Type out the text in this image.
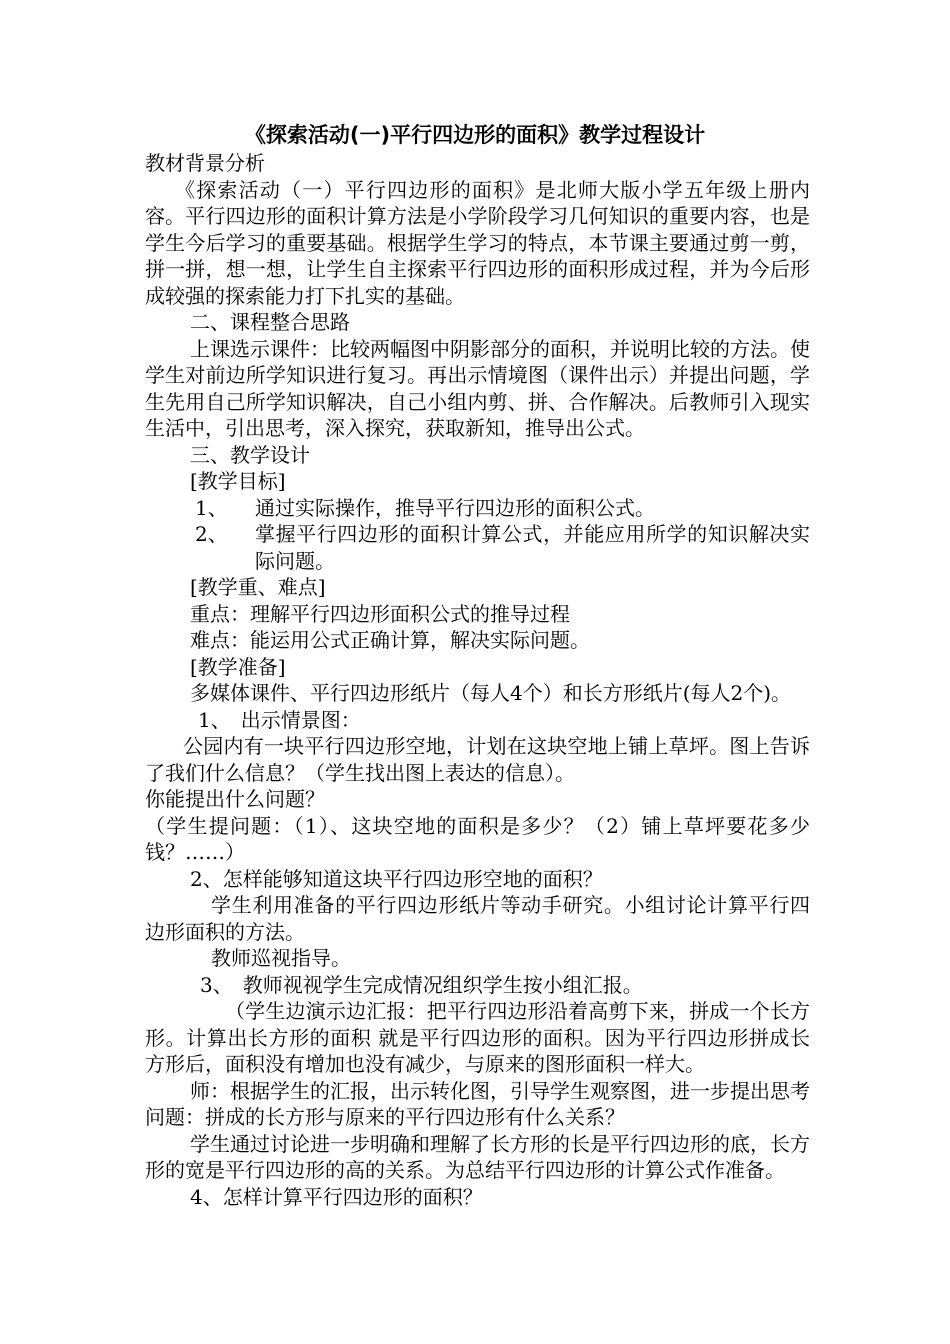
《探索活动(一)平行四边形的面积》教学过程设计

教材背景分析

《探索活动（一）平行四边形的面积》是北师大版小学五年级上册内容。平行四边形的面积计算方法是小学阶段学习几何知识的重要内容，也是学生今后学习的重要基础。根据学生学习的特点，本节课主要通过剪一剪，拼一拼，想一想，让学生自主探索平行四边形的面积形成过程，并为今后形成较强的探索能力打下扎实的基础。

二、课程整合思路

上课选示课件：比较两幅图中阴影部分的面积，并说明比较的方法。使学生对前边所学知识进行复习。再出示情境图（课件出示）并提出问题，学生先用自己所学知识解决，自己小组内剪、拼、合作解决。后教师引入现实生活中，引出思考，深入探究，获取新知，推导出公式。

三、教学设计

[教学目标]

1、	通过实际操作，推导平行四边形的面积公式。
2、	掌握平行四边形的面积计算公式，并能应用所学的知识解决实际问题。

[教学重、难点]

重点：理解平行四边形面积公式的推导过程

难点：能运用公式正确计算，解决实际问题。

[教学准备]

多媒体课件、平行四边形纸片（每人4个）和长方形纸片(每人2个)。

1、　出示情景图：

公园内有一块平行四边形空地，计划在这块空地上铺上草坪。图上告诉了我们什么信息？（学生找出图上表达的信息）。

你能提出什么问题？

（学生提问题：（1）、这块空地的面积是多少？（2）铺上草坪要花多少钱？……）

2、怎样能够知道这块平行四边形空地的面积？

学生利用准备的平行四边形纸片等动手研究。小组讨论计算平行四边形面积的方法。

教师巡视指导。

3、　教师视视学生完成情况组织学生按小组汇报。

（学生边演示边汇报：把平行四边形沿着高剪下来，拼成一个长方形。计算出长方形的面积 就是平行四边形的面积。因为平行四边形拼成长方形后，面积没有增加也没有减少，与原来的图形面积一样大。

师：根据学生的汇报，出示转化图，引导学生观察图，进一步提出思考问题：拼成的长方形与原来的平行四边形有什么关系？

学生通过讨论进一步明确和理解了长方形的长是平行四边形的底，长方形的宽是平行四边形的高的关系。为总结平行四边形的计算公式作准备。

4、怎样计算平行四边形的面积？
